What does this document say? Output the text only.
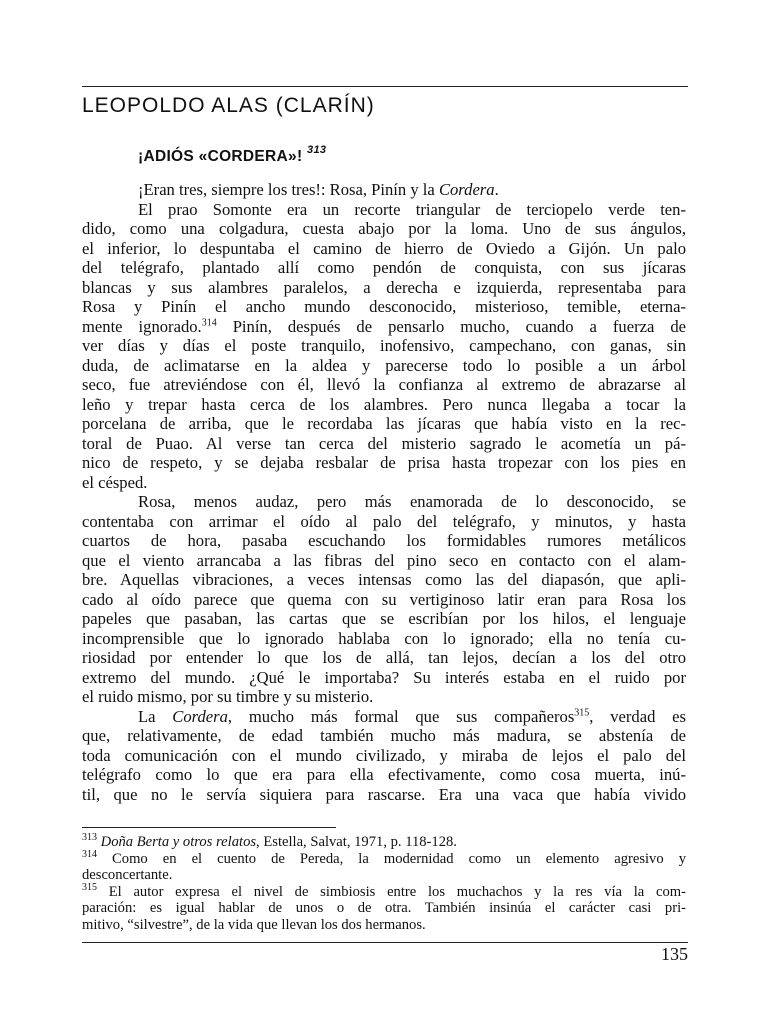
LEOPOLDO ALAS (CLARÍN)
¡ADIÓS «CORDERA»! $^{313}$
¡Eran tres, siempre los tres!: Rosa, Pinín y la Cordera.
El prao Somonte era un recorte triangular de terciopelo verde ten-
dido, como una colgadura, cuesta abajo por la loma. Uno de sus ángulos,
el inferior, lo despuntaba el camino de hierro de Oviedo a Gijón. Un palo
del telégrafo, plantado allí como pendón de conquista, con sus jícaras
blancas y sus alambres paralelos, a derecha e izquierda, representaba para
Rosa y Pinín el ancho mundo desconocido, misterioso, temible, eterna-
mente ignorado.$^{314}$ Pinín, después de pensarlo mucho, cuando a fuerza de
ver días y días el poste tranquilo, inofensivo, campechano, con ganas, sin
duda, de aclimatarse en la aldea y parecerse todo lo posible a un árbol
seco, fue atreviéndose con él, llevó la confianza al extremo de abrazarse al
leño y trepar hasta cerca de los alambres. Pero nunca llegaba a tocar la
porcelana de arriba, que le recordaba las jícaras que había visto en la rec-
toral de Puao. Al verse tan cerca del misterio sagrado le acometía un pá-
nico de respeto, y se dejaba resbalar de prisa hasta tropezar con los pies en
el césped.
Rosa, menos audaz, pero más enamorada de lo desconocido, se
contentaba con arrimar el oído al palo del telégrafo, y minutos, y hasta
cuartos de hora, pasaba escuchando los formidables rumores metálicos
que el viento arrancaba a las fibras del pino seco en contacto con el alam-
bre. Aquellas vibraciones, a veces intensas como las del diapasón, que apli-
cado al oído parece que quema con su vertiginoso latir eran para Rosa los
papeles que pasaban, las cartas que se escribían por los hilos, el lenguaje
incomprensible que lo ignorado hablaba con lo ignorado; ella no tenía cu-
riosidad por entender lo que los de allá, tan lejos, decían a los del otro
extremo del mundo. ¿Qué le importaba? Su interés estaba en el ruido por
el ruido mismo, por su timbre y su misterio.
La Cordera, mucho más formal que sus compañeros$^{315}$, verdad es
que, relativamente, de edad también mucho más madura, se abstenía de
toda comunicación con el mundo civilizado, y miraba de lejos el palo del
telégrafo como lo que era para ella efectivamente, como cosa muerta, inú-
til, que no le servía siquiera para rascarse. Era una vaca que había vivido
$^{313}$ Doña Berta y otros relatos, Estella, Salvat, 1971, p. 118-128.
$^{314}$ Como en el cuento de Pereda, la modernidad como un elemento agresivo y
desconcertante.
$^{315}$ El autor expresa el nivel de simbiosis entre los muchachos y la res vía la com-
paración: es igual hablar de unos o de otra. También insinúa el carácter casi pri-
mitivo, “silvestre”, de la vida que llevan los dos hermanos.
135
